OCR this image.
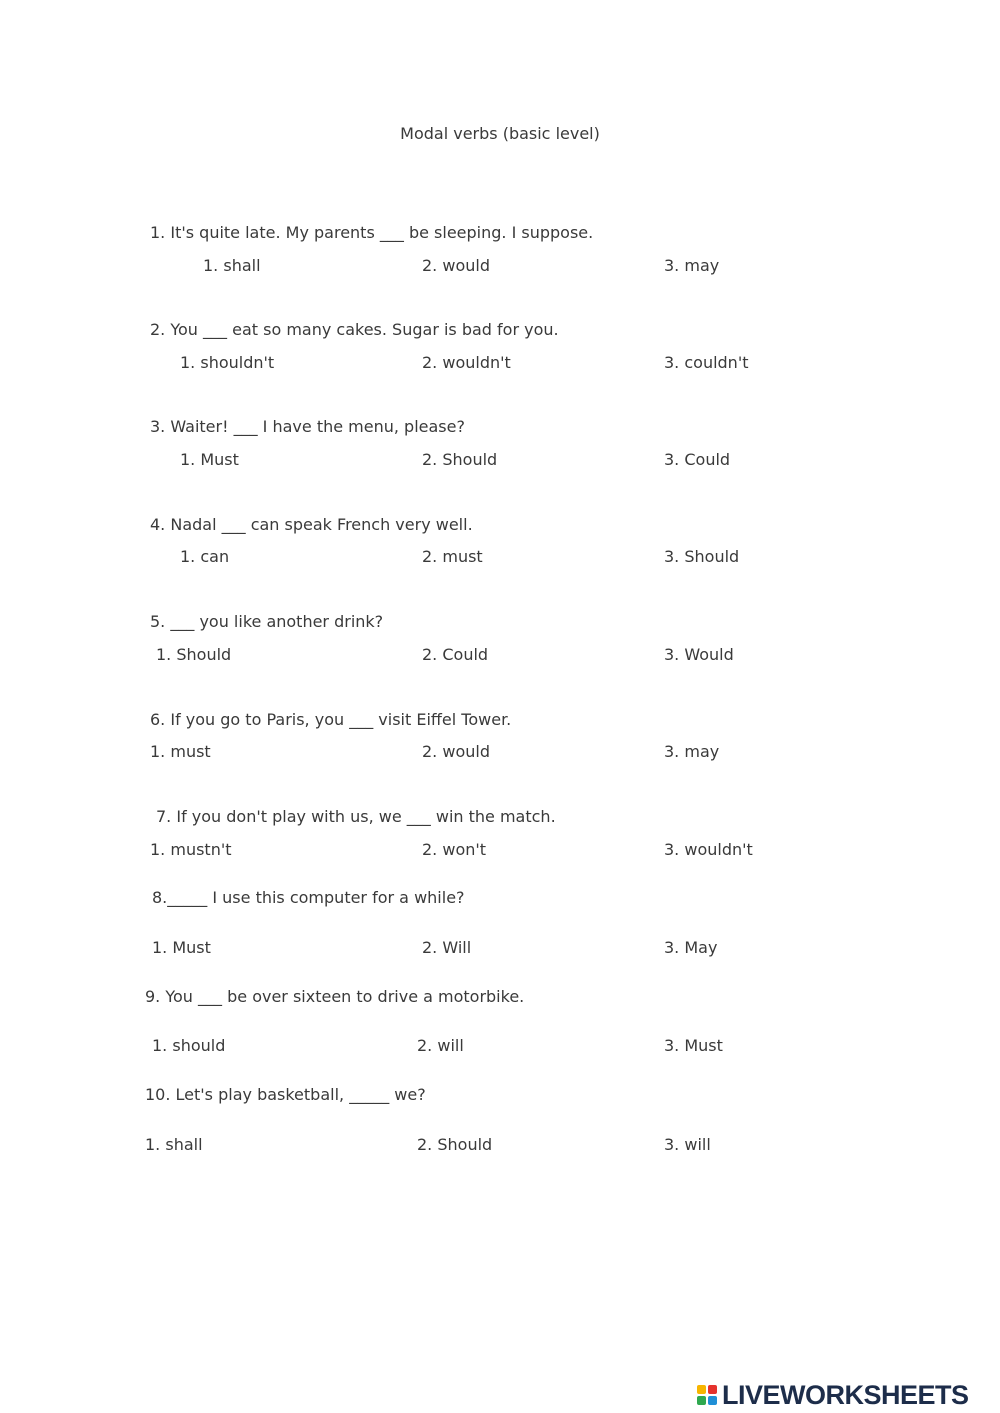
Modal verbs (basic level)
1. It's quite late. My parents ___ be sleeping. I suppose.
1. shall	2. would	3. may
2. You ___ eat so many cakes. Sugar is bad for you.
1. shouldn't	2. wouldn't	3. couldn't
3. Waiter! ___ I have the menu, please?
1. Must	2. Should	3. Could
4. Nadal ___ can speak French very well.
1. can	2. must	3. Should
5. ___ you like another drink?
1. Should	2. Could	3. Would
6. If you go to Paris, you ___ visit Eiffel Tower.
1. must	2. would	3. may
7. If you don't play with us, we ___ win the match.
1. mustn't	2. won't	3. wouldn't
8._____ I use this computer for a while?
1. Must	2. Will	3. May
9. You ___ be over sixteen to drive a motorbike.
1. should	2. will	3. Must
10. Let's play basketball, _____ we?
1. shall	2. Should	3. will
LIVEWORKSHEETS
